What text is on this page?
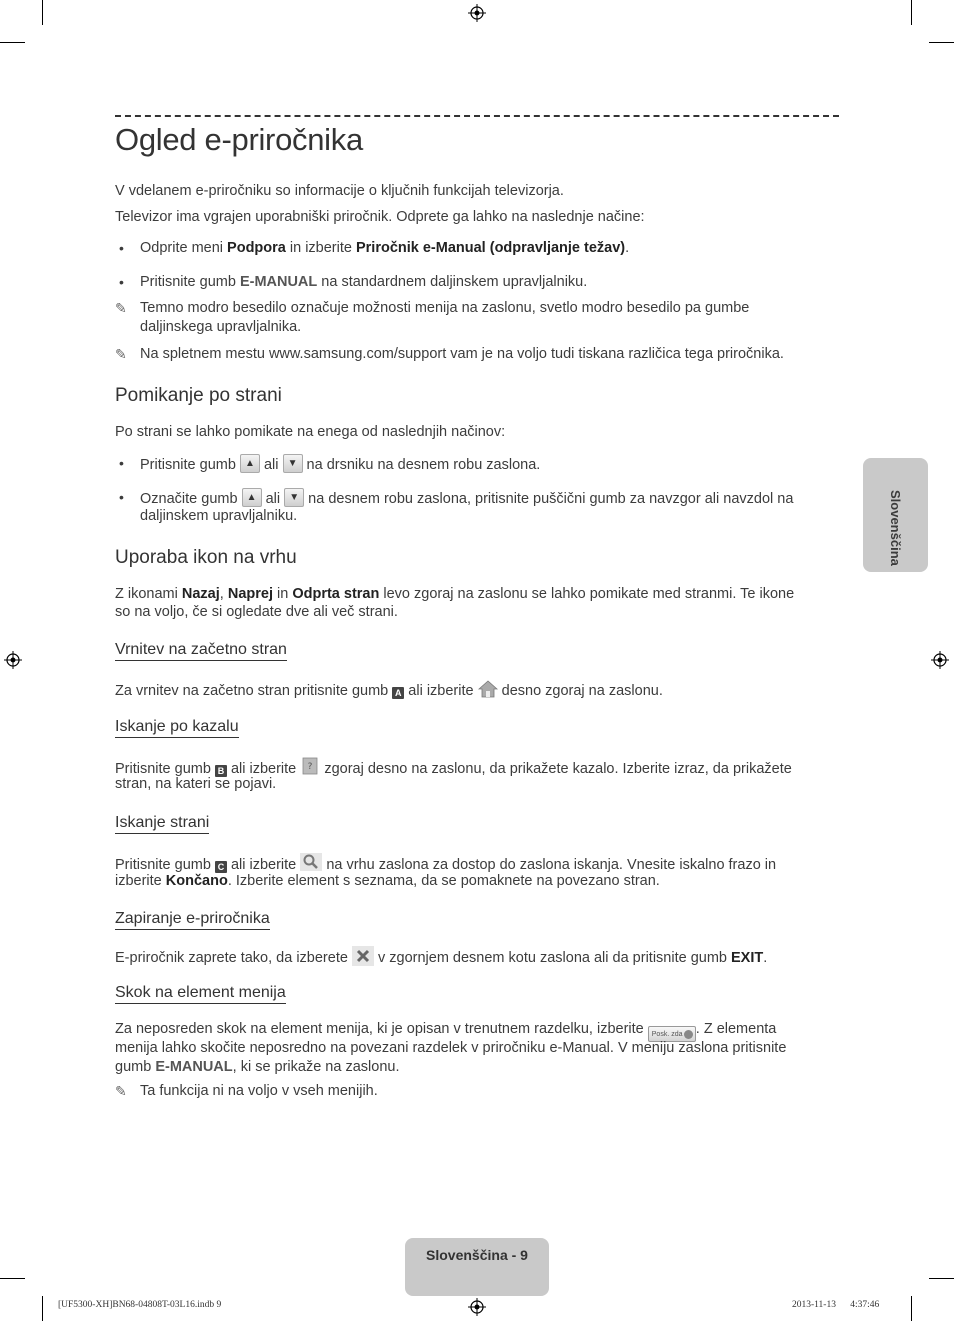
Ogled e-priročnika
V vdelanem e-priročniku so informacije o ključnih funkcijah televizorja.
Televizor ima vgrajen uporabniški priročnik. Odprete ga lahko na naslednje načine:
• Odprite meni Podpora in izberite Priročnik e-Manual (odpravljanje težav).
• Pritisnite gumb E-MANUAL na standardnem daljinskem upravljalniku.
✎ Temno modro besedilo označuje možnosti menija na zaslonu, svetlo modro besedilo pa gumbe
daljinskega upravljalnika.
✎ Na spletnem mestu www.samsung.com/support vam je na voljo tudi tiskana različica tega priročnika.
Pomikanje po strani
Po strani se lahko pomikate na enega od naslednjih načinov:
• Pritisnite gumb ▲ ali ▼ na drsniku na desnem robu zaslona.
• Označite gumb ▲ ali ▼ na desnem robu zaslona, pritisnite puščični gumb za navzgor ali navzdol na
daljinskem upravljalniku.
Uporaba ikon na vrhu
Z ikonami Nazaj, Naprej in Odprta stran levo zgoraj na zaslonu se lahko pomikate med stranmi. Te ikone
so na voljo, če si ogledate dve ali več strani.
Vrnitev na začetno stran
Za vrnitev na začetno stran pritisnite gumb A ali izberite desno zgoraj na zaslonu.
Iskanje po kazalu
Pritisnite gumb B ali izberite ? zgoraj desno na zaslonu, da prikažete kazalo. Izberite izraz, da prikažete
stran, na kateri se pojavi.
Iskanje strani
Pritisnite gumb C ali izberite na vrhu zaslona za dostop do zaslona iskanja. Vnesite iskalno frazo in
izberite Končano. Izberite element s seznama, da se pomaknete na povezano stran.
Zapiranje e-priročnika
E-priročnik zaprete tako, da izberete v zgornjem desnem kotu zaslona ali da pritisnite gumb EXIT.
Skok na element menija
Za neposreden skok na element menija, ki je opisan v trenutnem razdelku, izberite Posk. zda . Z elementa
menija lahko skočite neposredno na povezani razdelek v priročniku e-Manual. V meniju zaslona pritisnite
gumb E-MANUAL, ki se prikaže na zaslonu.
✎ Ta funkcija ni na voljo v vseh menijih.
Slovenščina
Slovenščina - 9
[UF5300-XH]BN68-04808T-03L16.indb 9	2013-11-13   4:37:46
